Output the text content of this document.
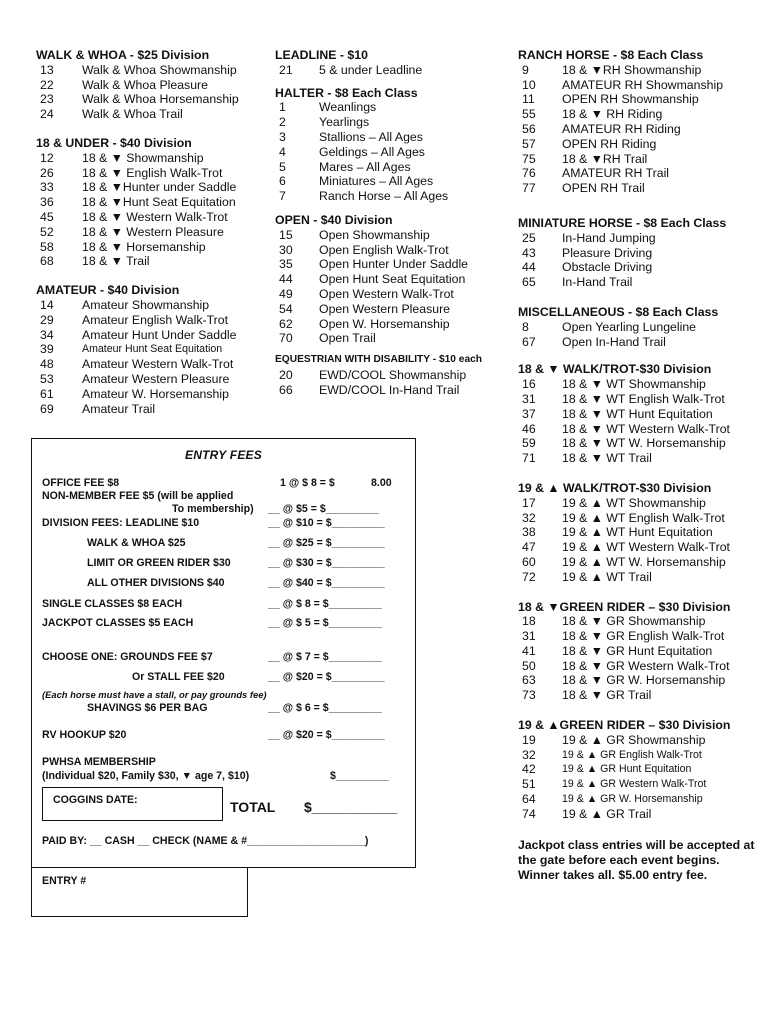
WALK & WHOA - $25 Division
13	Walk & Whoa Showmanship
22	Walk & Whoa Pleasure
23	Walk & Whoa Horsemanship
24	Walk & Whoa Trail
18 & UNDER - $40 Division
12	18 & ▼ Showmanship
26	18 & ▼ English Walk-Trot
33	18 & ▼Hunter under Saddle
36	18 & ▼Hunt Seat Equitation
45	18 & ▼ Western Walk-Trot
52	18 & ▼ Western Pleasure
58	18 & ▼ Horsemanship
68	18 & ▼ Trail
AMATEUR - $40 Division
14	Amateur Showmanship
29	Amateur English Walk-Trot
34	Amateur Hunt Under Saddle
39	Amateur Hunt Seat Equitation
48	Amateur Western Walk-Trot
53	Amateur Western Pleasure
61	Amateur W. Horsemanship
69	Amateur Trail
LEADLINE - $10
21	5 & under Leadline
HALTER - $8 Each Class
1	Weanlings
2	Yearlings
3	Stallions – All Ages
4	Geldings – All Ages
5	Mares – All Ages
6	Miniatures – All Ages
7	Ranch Horse – All Ages
OPEN - $40 Division
15	Open Showmanship
30	Open English Walk-Trot
35	Open Hunter Under Saddle
44	Open Hunt Seat Equitation
49	Open Western Walk-Trot
54	Open Western Pleasure
62	Open W. Horsemanship
70	Open Trail
EQUESTRIAN WITH DISABILITY - $10 each
20	EWD/COOL Showmanship
66	EWD/COOL In-Hand Trail
RANCH HORSE - $8 Each Class
9	18 & ▼RH Showmanship
10	AMATEUR RH Showmanship
11	OPEN RH Showmanship
55	18 & ▼ RH Riding
56	AMATEUR RH Riding
57	OPEN RH Riding
75	18 & ▼RH Trail
76	AMATEUR RH Trail
77	OPEN RH Trail
MINIATURE HORSE - $8 Each Class
25	In-Hand Jumping
43	Pleasure Driving
44	Obstacle Driving
65	In-Hand Trail
MISCELLANEOUS - $8 Each Class
8	Open Yearling Lungeline
67	Open In-Hand Trail
18 & ▼ WALK/TROT-$30 Division
16	18 & ▼ WT Showmanship
31	18 & ▼ WT English Walk-Trot
37	18 & ▼ WT Hunt Equitation
46	18 & ▼ WT Western Walk-Trot
59	18 & ▼ WT W. Horsemanship
71	18 & ▼ WT Trail
19 & ▲ WALK/TROT-$30 Division
17	19 & ▲ WT Showmanship
32	19 & ▲ WT English Walk-Trot
38	19 & ▲ WT Hunt Equitation
47	19 & ▲ WT Western Walk-Trot
60	19 & ▲ WT W. Horsemanship
72	19 & ▲ WT Trail
18 & ▼GREEN RIDER – $30 Division
18	18 & ▼ GR Showmanship
31	18 & ▼ GR English Walk-Trot
41	18 & ▼ GR Hunt Equitation
50	18 & ▼ GR Western Walk-Trot
63	18 & ▼ GR W. Horsemanship
73	18 & ▼ GR Trail
19 & ▲GREEN RIDER – $30 Division
19	19 & ▲ GR Showmanship
32	19 & ▲ GR English Walk-Trot
42	19 & ▲ GR Hunt Equitation
51	19 & ▲ GR Western Walk-Trot
64	19 & ▲ GR W. Horsemanship
74	19 & ▲ GR Trail
ENTRY FEES
OFFICE FEE $8	1 @ $ 8 = $	8.00
NON-MEMBER FEE $5 (will be applied
To membership) __ @ $5 = $_________
DIVISION FEES: LEADLINE $10	__ @ $10 = $_________
WALK & WHOA $25	__ @ $25 = $_________
LIMIT OR GREEN RIDER $30	__ @ $30 = $_________
ALL OTHER DIVISIONS $40	__ @ $40 = $_________
SINGLE CLASSES $8 EACH	__ @ $ 8 = $_________
JACKPOT CLASSES $5 EACH	__ @ $ 5 = $_________
CHOOSE ONE: GROUNDS FEE $7	__ @ $ 7 = $_________
Or STALL FEE $20	__ @ $20 = $_________
(Each horse must have a stall, or pay grounds fee)
SHAVINGS $6 PER BAG	__ @ $ 6 = $_________
RV HOOKUP $20	__ @ $20 = $_________
PWHSA MEMBERSHIP
(Individual $20, Family $30, ▼ age 7, $10)	$_________
COGGINS DATE:	TOTAL $___________
PAID BY: __ CASH __ CHECK (NAME & #____________________)
ENTRY #
Jackpot class entries will be accepted at the gate before each event begins. Winner takes all. $5.00 entry fee.
